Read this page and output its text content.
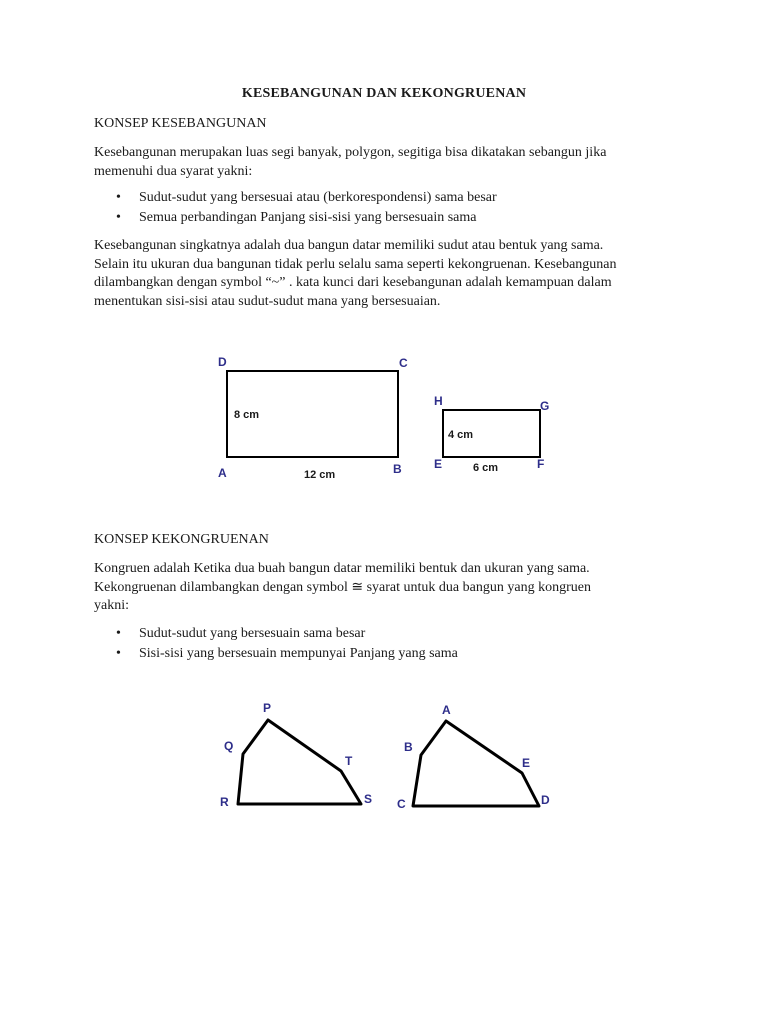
KESEBANGUNAN DAN KEKONGRUENAN
KONSEP KESEBANGUNAN
Kesebangunan merupakan luas segi banyak, polygon, segitiga bisa dikatakan sebangun jika
memenuhi dua syarat yakni:
• Sudut-sudut yang bersesuai atau (berkorespondensi) sama besar
• Semua perbandingan Panjang sisi-sisi yang bersesuain sama
Kesebangunan singkatnya adalah dua bangun datar memiliki sudut atau bentuk yang sama.
Selain itu ukuran dua bangunan tidak perlu selalu sama seperti kekongruenan. Kesebangunan
dilambangkan dengan symbol “~” . kata kunci dari kesebangunan adalah kemampuan dalam
menentukan sisi-sisi atau sudut-sudut mana yang bersesuaian.
KONSEP KEKONGRUENAN
Kongruen adalah Ketika dua buah bangun datar memiliki bentuk dan ukuran yang sama.
Kekongruenan dilambangkan dengan symbol ≅ syarat untuk dua bangun yang kongruen
yakni:
• Sudut-sudut yang bersesuain sama besar
• Sisi-sisi yang bersesuain mempunyai Panjang yang sama
D	C
A	B
8 cm
12 cm
H	G
E	F
4 cm
6 cm
P
Q
T
R	S
A
B
E
C	D
